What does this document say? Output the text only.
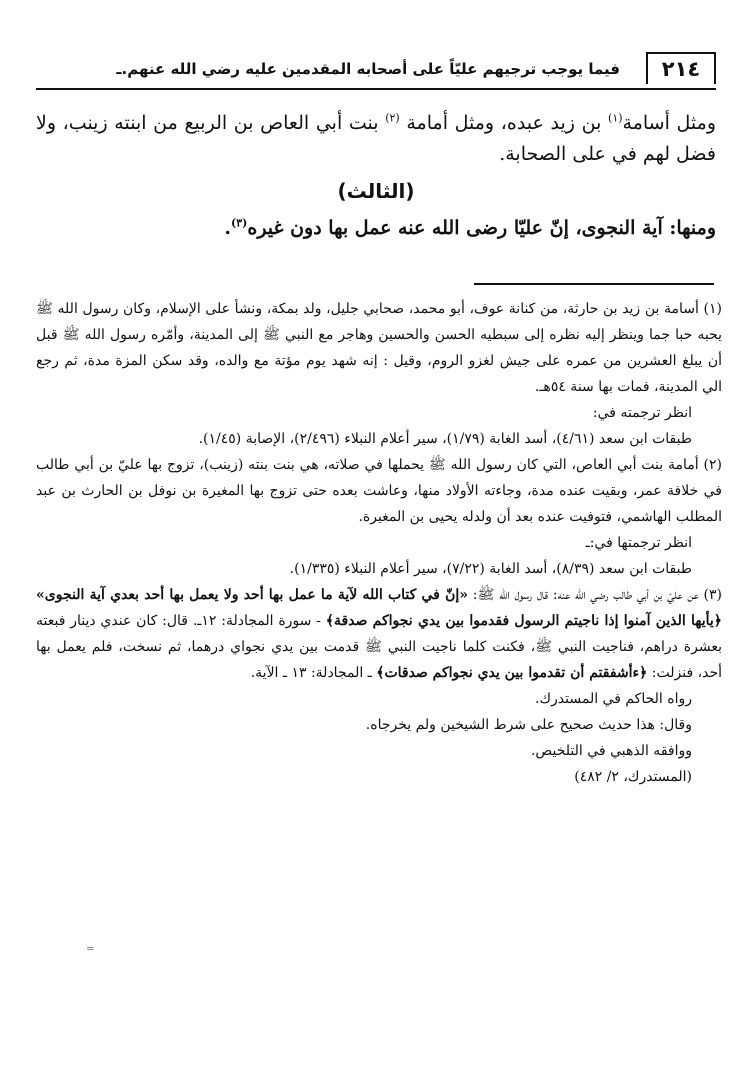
٢١٤
فيما يوجب ترجيهم عليّاً على أصحابه المقدمين عليه رضي الله عنهم.ـ

ومثل أسامة$^{(١)}$ بن زيد عبده، ومثل أمامة $^{(٢)}$ بنت أبي العاص بن الربيع من ابنته زينب، ولا فضل لهم في على الصحابة.

(الثالث)

ومنها: آية النجوى، إنّ عليّا رضى الله عنه عمل بها دون غيره$^{(٣)}$.

(١) أسامة بن زيد بن حارثة، من كنانة عوف، أبو محمد، صحابي جليل، ولد بمكة، ونشأ على الإسلام، وكان رسول الله ﷺ يحبه حبا جما وينظر إليه نظره إلى سبطيه الحسن والحسين وهاجر مع النبي ﷺ إلى المدينة، وأمّره رسول الله ﷺ قبل أن يبلغ العشرين من عمره على جيش لغزو الروم، وقيل : إنه شهد يوم مؤتة مع والده، وقد سكن المزة مدة، ثم رجع الي المدينة، فمات بها سنة ٥٤هـ.

انظر ترجمته في:

طبقات ابن سعد (٤/٦١)، أسد الغابة (١/٧٩)، سير أعلام النبلاء (٢/٤٩٦)، الإصابة (١/٤٥).

(٢) أمامة بنت أبي العاص، التي كان رسول الله ﷺ يحملها في صلاته، هي بنت بنته (زينب)، تزوج بها عليّ بن أبي طالب في خلافة عمر، وبقيت عنده مدة، وجاءته الأولاد منها، وعاشت بعده حتى تزوج بها المغيرة بن نوفل بن الحارث بن عبد المطلب الهاشمي، فتوفيت عنده بعد أن ولدله يحيى بن المغيرة.

انظر ترجمتها في:ـ

طبقات ابن سعد (٨/٣٩)، أسد الغابة (٧/٢٢)، سير أعلام النبلاء (١/٣٣٥).

(٣) عن عليّ بن أبي طالب رضي الله عنه: قال رسول الله ﷺ: «إنّ في كتاب الله لآية ما عمل بها أحد ولا يعمل بها أحد بعدي آية النجوى» ﴿يأيها الذين آمنوا إذا ناجيتم الرسول فقدموا بين يدي نجواكم صدقة﴾ - سورة المجادلة: ١٢ـ. قال: كان عندي دينار فبعته بعشرة دراهم، فناجيت النبي ﷺ، فكنت كلما ناجيت النبي ﷺ قدمت بين يدي نجواي درهما، ثم نسخت، فلم يعمل بها أحد، فنزلت: ﴿ءأشفقتم أن تقدموا بين يدي نجواكم صدقات﴾ ـ المجادلة: ١٣ ـ الآية.

رواه الحاكم في المستدرك.

وقال: هذا حديث صحيح على شرط الشيخين ولم يخرجاه.

ووافقه الذهبي في التلخيص.

(المستدرك، ٢/ ٤٨٢)

=
